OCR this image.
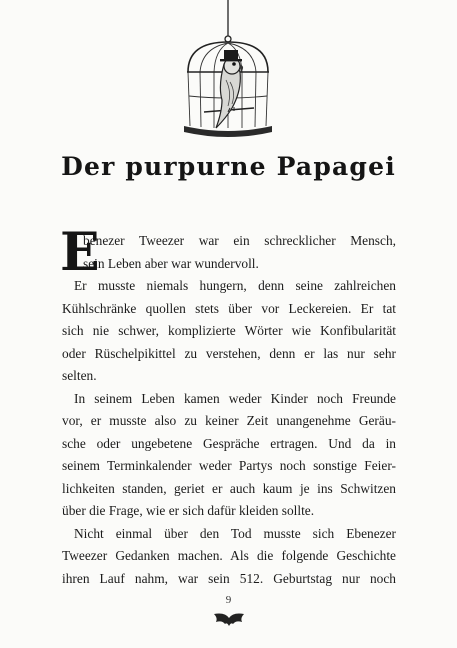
Der purpurne Papagei
E
benezer Tweezer war ein schrecklicher Mensch,
sein Leben aber war wundervoll.
Er musste niemals hungern, denn seine zahlreichen
Kühlschränke quollen stets über vor Leckereien. Er tat
sich nie schwer, komplizierte Wörter wie Konfibularität
oder Rüschelpikittel zu verstehen, denn er las nur sehr
selten.
In seinem Leben kamen weder Kinder noch Freunde
vor, er musste also zu keiner Zeit unangenehme Geräu-
sche oder ungebetene Gespräche ertragen. Und da in
seinem Terminkalender weder Partys noch sonstige Feier-
lichkeiten standen, geriet er auch kaum je ins Schwitzen
über die Frage, wie er sich dafür kleiden sollte.
Nicht einmal über den Tod musste sich Ebenezer
Tweezer Gedanken machen. Als die folgende Geschichte
ihren Lauf nahm, war sein 512. Geburtstag nur noch
9
